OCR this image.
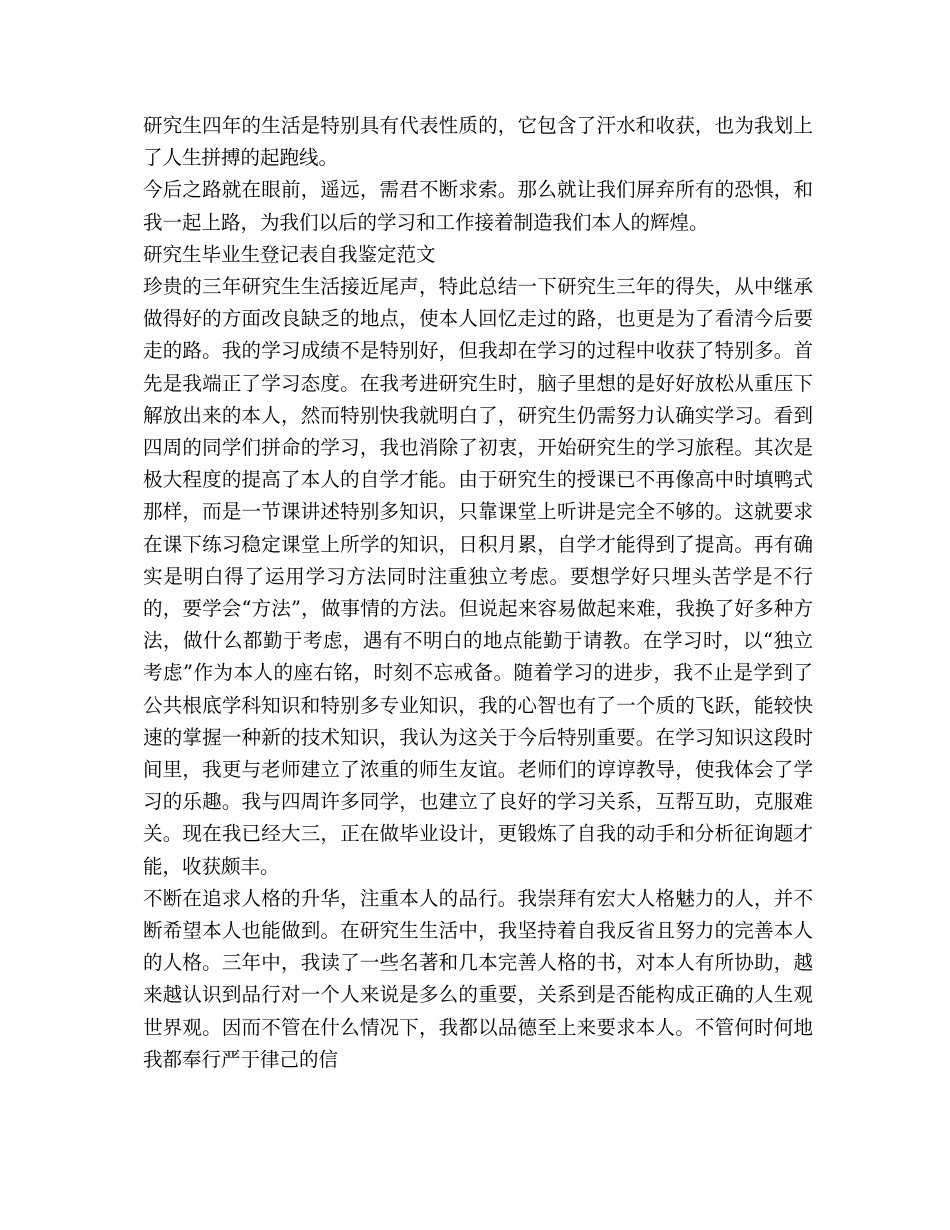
研究生四年的生活是特别具有代表性质的，它包含了汗水和收获，也为我划上了人生拼搏的起跑线。

今后之路就在眼前，遥远，需君不断求索。那么就让我们屏弃所有的恐惧，和我一起上路，为我们以后的学习和工作接着制造我们本人的辉煌。

研究生毕业生登记表自我鉴定范文

珍贵的三年研究生生活接近尾声，特此总结一下研究生三年的得失，从中继承做得好的方面改良缺乏的地点，使本人回忆走过的路，也更是为了看清今后要走的路。我的学习成绩不是特别好，但我却在学习的过程中收获了特别多。首先是我端正了学习态度。在我考进研究生时，脑子里想的是好好放松从重压下解放出来的本人，然而特别快我就明白了，研究生仍需努力认确实学习。看到四周的同学们拼命的学习，我也消除了初衷，开始研究生的学习旅程。其次是极大程度的提高了本人的自学才能。由于研究生的授课已不再像高中时填鸭式那样，而是一节课讲述特别多知识，只靠课堂上听讲是完全不够的。这就要求在课下练习稳定课堂上所学的知识，日积月累，自学才能得到了提高。再有确实是明白得了运用学习方法同时注重独立考虑。要想学好只埋头苦学是不行的，要学会“方法”，做事情的方法。但说起来容易做起来难，我换了好多种方法，做什么都勤于考虑，遇有不明白的地点能勤于请教。在学习时，以“独立考虑”作为本人的座右铭，时刻不忘戒备。随着学习的进步，我不止是学到了公共根底学科知识和特别多专业知识，我的心智也有了一个质的飞跃，能较快速的掌握一种新的技术知识，我认为这关于今后特别重要。在学习知识这段时间里，我更与老师建立了浓重的师生友谊。老师们的谆谆教导，使我体会了学习的乐趣。我与四周许多同学，也建立了良好的学习关系，互帮互助，克服难关。现在我已经大三，正在做毕业设计，更锻炼了自我的动手和分析征询题才能，收获颇丰。

不断在追求人格的升华，注重本人的品行。我崇拜有宏大人格魅力的人，并不断希望本人也能做到。在研究生生活中，我坚持着自我反省且努力的完善本人的人格。三年中，我读了一些名著和几本完善人格的书，对本人有所协助，越来越认识到品行对一个人来说是多么的重要，关系到是否能构成正确的人生观世界观。因而不管在什么情况下，我都以品德至上来要求本人。不管何时何地我都奉行严于律己的信
